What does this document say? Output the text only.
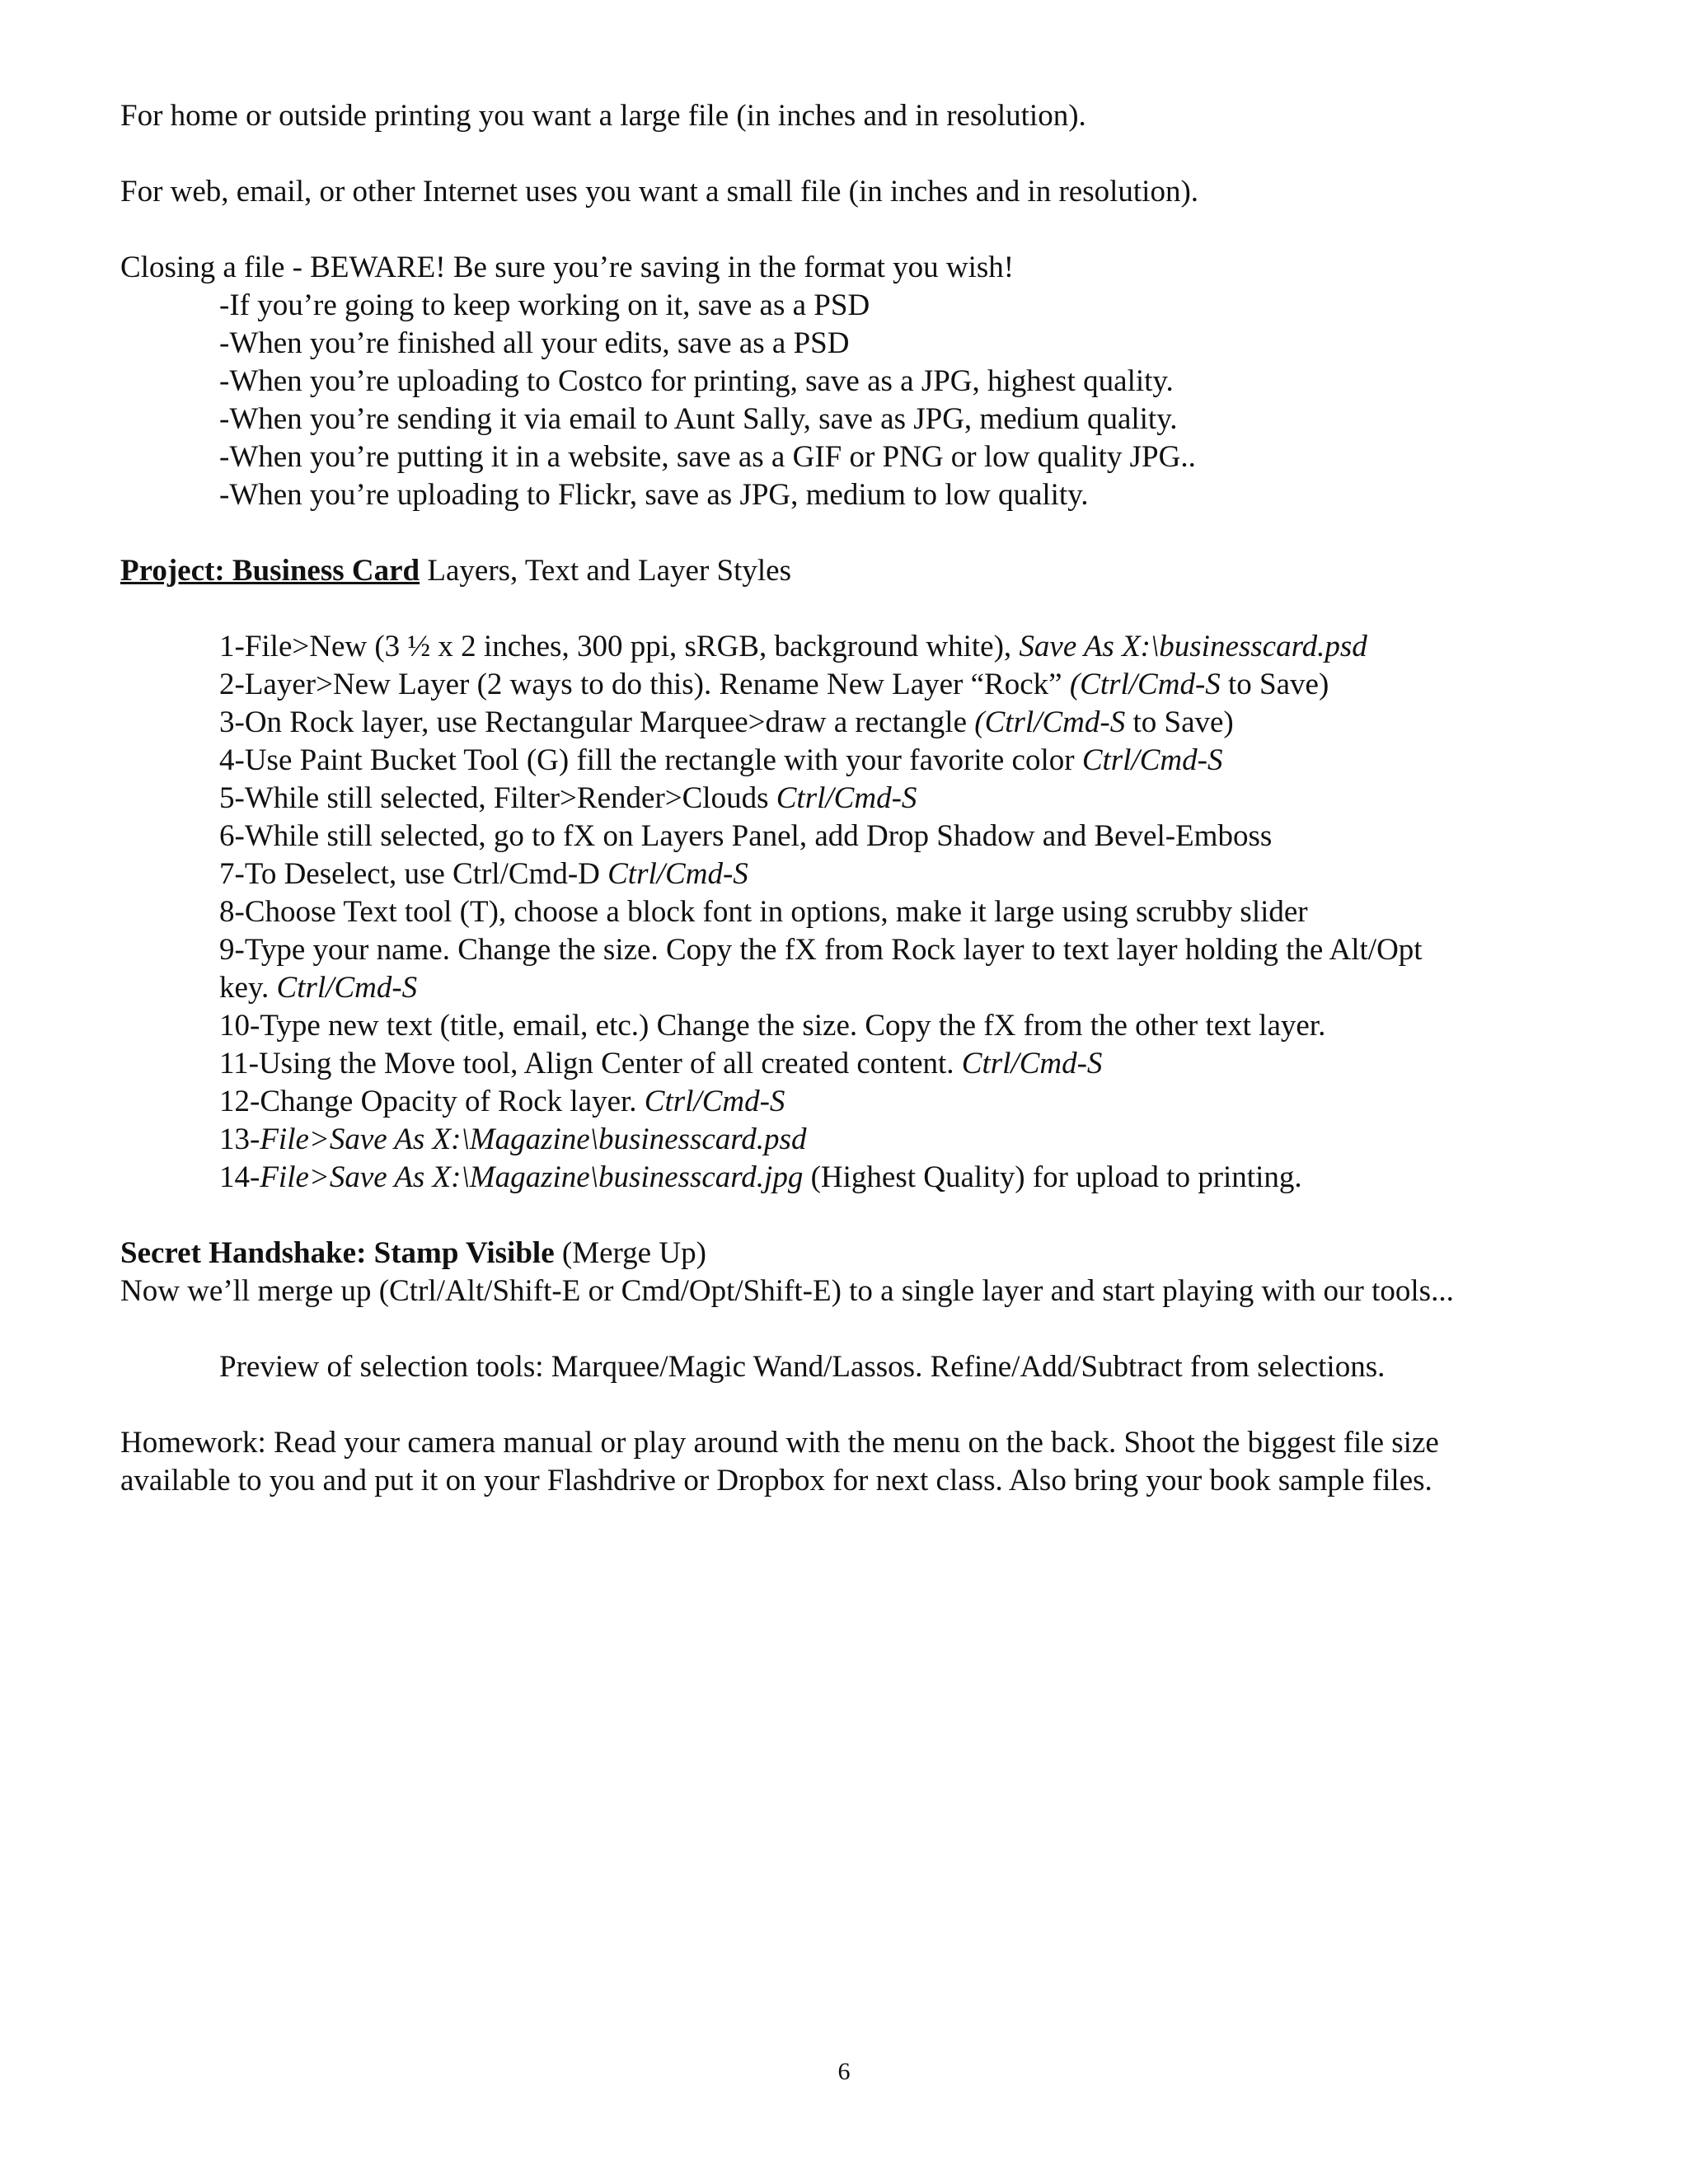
For home or outside printing you want a large file (in inches and in resolution).
For web, email, or other Internet uses you want a small file (in inches and in resolution).
Closing a file - BEWARE! Be sure you’re saving in the format you wish!
-If you’re going to keep working on it, save as a PSD
-When you’re finished all your edits, save as a PSD
-When you’re uploading to Costco for printing, save as a JPG, highest quality.
-When you’re sending it via email to Aunt Sally, save as JPG, medium quality.
-When you’re putting it in a website, save as a GIF or PNG or low quality JPG..
-When you’re uploading to Flickr, save as JPG, medium to low quality.
Project: Business Card Layers, Text and Layer Styles
1-File>New (3 ½ x 2 inches, 300 ppi, sRGB, background white), Save As X:\businesscard.psd
2-Layer>New Layer (2 ways to do this). Rename New Layer “Rock” (Ctrl/Cmd-S to Save)
3-On Rock layer, use Rectangular Marquee>draw a rectangle (Ctrl/Cmd-S to Save)
4-Use Paint Bucket Tool (G) fill the rectangle with your favorite color Ctrl/Cmd-S
5-While still selected, Filter>Render>Clouds Ctrl/Cmd-S
6-While still selected, go to fX on Layers Panel, add Drop Shadow and Bevel-Emboss
7-To Deselect, use Ctrl/Cmd-D Ctrl/Cmd-S
8-Choose Text tool (T), choose a block font in options, make it large using scrubby slider
9-Type your name. Change the size. Copy the fX from Rock layer to text layer holding the Alt/Opt
key. Ctrl/Cmd-S
10-Type new text (title, email, etc.) Change the size. Copy the fX from the other text layer.
11-Using the Move tool, Align Center of all created content. Ctrl/Cmd-S
12-Change Opacity of Rock layer. Ctrl/Cmd-S
13-File>Save As X:\Magazine\businesscard.psd
14-File>Save As X:\Magazine\businesscard.jpg (Highest Quality) for upload to printing.
Secret Handshake: Stamp Visible (Merge Up)
Now we’ll merge up (Ctrl/Alt/Shift-E or Cmd/Opt/Shift-E) to a single layer and start playing with our tools...
Preview of selection tools: Marquee/Magic Wand/Lassos. Refine/Add/Subtract from selections.
Homework: Read your camera manual or play around with the menu on the back. Shoot the biggest file size
available to you and put it on your Flashdrive or Dropbox for next class. Also bring your book sample files.
6
